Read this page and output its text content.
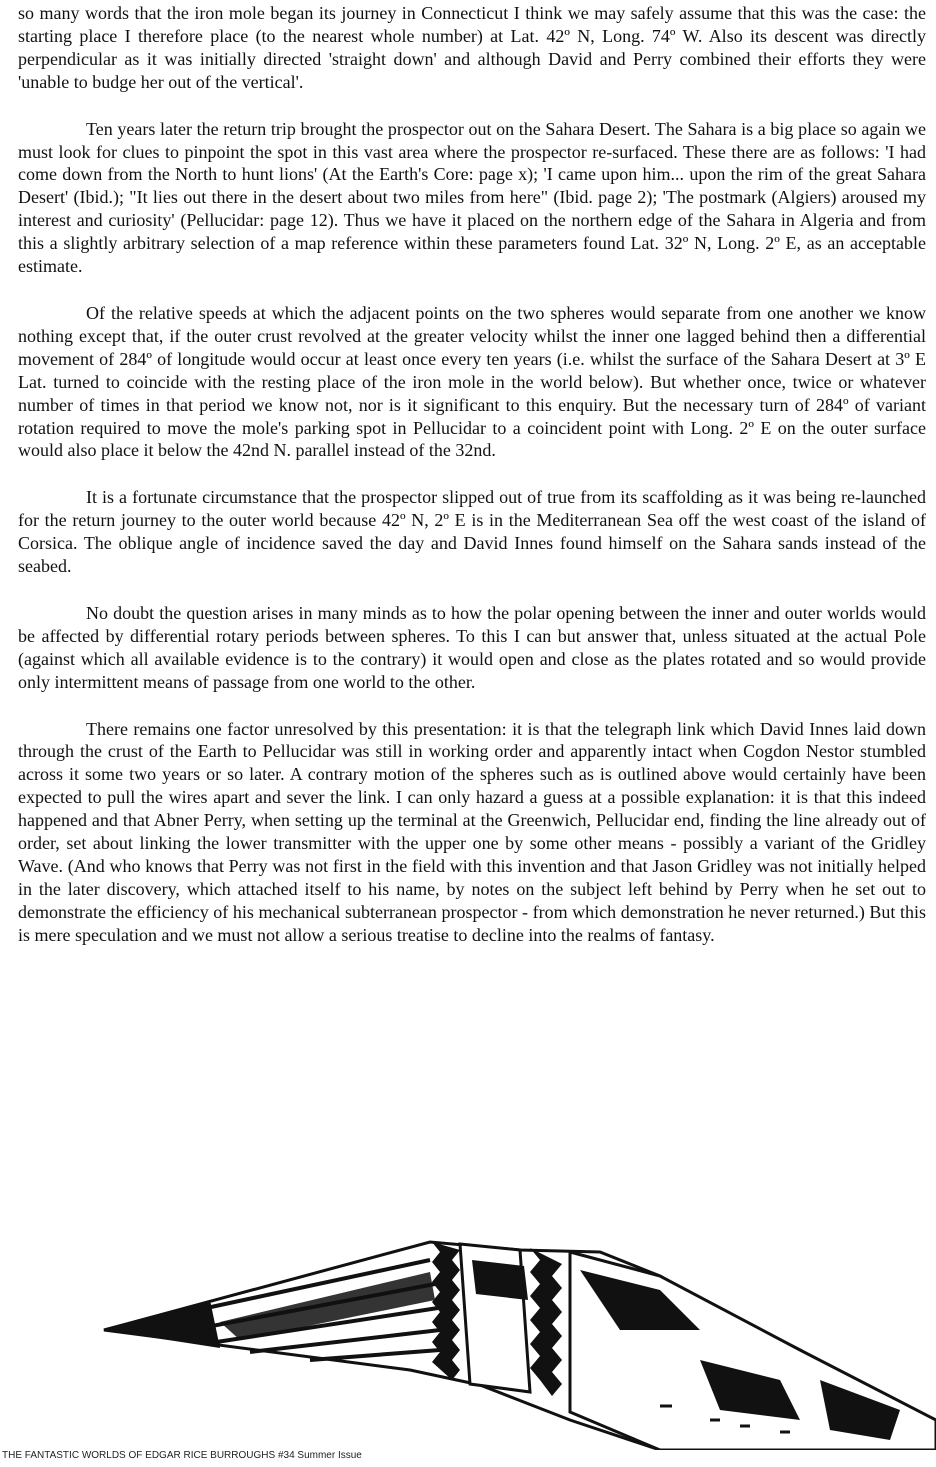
so many words that the iron mole began its journey in Connecticut I think we may safely assume that this was the case: the starting place I therefore place (to the nearest whole number) at Lat. 42º N, Long. 74º W. Also its descent was directly perpendicular as it was initially directed 'straight down' and although David and Perry combined their efforts they were 'unable to budge her out of the vertical'.

Ten years later the return trip brought the prospector out on the Sahara Desert. The Sahara is a big place so again we must look for clues to pinpoint the spot in this vast area where the prospector re-surfaced. These there are as follows: 'I had come down from the North to hunt lions' (At the Earth's Core: page x); 'I came upon him... upon the rim of the great Sahara Desert' (Ibid.); "It lies out there in the desert about two miles from here" (Ibid. page 2); 'The postmark (Algiers) aroused my interest and curiosity' (Pellucidar: page 12). Thus we have it placed on the northern edge of the Sahara in Algeria and from this a slightly arbitrary selection of a map reference within these parameters found Lat. 32º N, Long. 2º E, as an acceptable estimate.

Of the relative speeds at which the adjacent points on the two spheres would separate from one another we know nothing except that, if the outer crust revolved at the greater velocity whilst the inner one lagged behind then a differential movement of 284º of longitude would occur at least once every ten years (i.e. whilst the surface of the Sahara Desert at 3º E Lat. turned to coincide with the resting place of the iron mole in the world below). But whether once, twice or whatever number of times in that period we know not, nor is it significant to this enquiry. But the necessary turn of 284º of variant rotation required to move the mole's parking spot in Pellucidar to a coincident point with Long. 2º E on the outer surface would also place it below the 42nd N. parallel instead of the 32nd.

It is a fortunate circumstance that the prospector slipped out of true from its scaffolding as it was being re-launched for the return journey to the outer world because 42º N, 2º E is in the Mediterranean Sea off the west coast of the island of Corsica. The oblique angle of incidence saved the day and David Innes found himself on the Sahara sands instead of the seabed.

No doubt the question arises in many minds as to how the polar opening between the inner and outer worlds would be affected by differential rotary periods between spheres. To this I can but answer that, unless situated at the actual Pole (against which all available evidence is to the contrary) it would open and close as the plates rotated and so would provide only intermittent means of passage from one world to the other.

There remains one factor unresolved by this presentation: it is that the telegraph link which David Innes laid down through the crust of the Earth to Pellucidar was still in working order and apparently intact when Cogdon Nestor stumbled across it some two years or so later. A contrary motion of the spheres such as is outlined above would certainly have been expected to pull the wires apart and sever the link. I can only hazard a guess at a possible explanation: it is that this indeed happened and that Abner Perry, when setting up the terminal at the Greenwich, Pellucidar end, finding the line already out of order, set about linking the lower transmitter with the upper one by some other means - possibly a variant of the Gridley Wave. (And who knows that Perry was not first in the field with this invention and that Jason Gridley was not initially helped in the later discovery, which attached itself to his name, by notes on the subject left behind by Perry when he set out to demonstrate the efficiency of his mechanical subterranean prospector - from which demonstration he never returned.) But this is mere speculation and we must not allow a serious treatise to decline into the realms of fantasy.

THE FANTASTIC WORLDS OF EDGAR RICE BURROUGHS #34 Summer Issue
